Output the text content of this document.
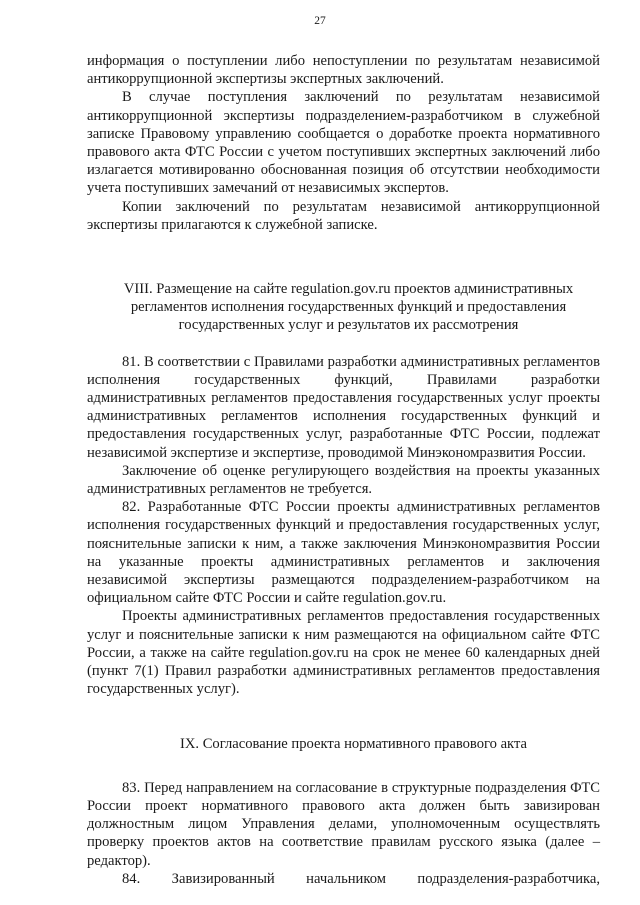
27

информация о поступлении либо непоступлении по результатам независимой антикоррупционной экспертизы экспертных заключений.

В случае поступления заключений по результатам независимой антикоррупционной экспертизы подразделением-разработчиком в служебной записке Правовому управлению сообщается о доработке проекта нормативного правового акта ФТС России с учетом поступивших экспертных заключений либо излагается мотивированно обоснованная позиция об отсутствии необходимости учета поступивших замечаний от независимых экспертов.

Копии заключений по результатам независимой антикоррупционной экспертизы прилагаются к служебной записке.

VIII. Размещение на сайте regulation.gov.ru проектов административных регламентов исполнения государственных функций и предоставления государственных услуг и результатов их рассмотрения

81. В соответствии с Правилами разработки административных регламентов исполнения государственных функций, Правилами разработки административных регламентов предоставления государственных услуг проекты административных регламентов исполнения государственных функций и предоставления государственных услуг, разработанные ФТС России, подлежат независимой экспертизе и экспертизе, проводимой Минэкономразвития России.

Заключение об оценке регулирующего воздействия на проекты указанных административных регламентов не требуется.

82. Разработанные ФТС России проекты административных регламентов исполнения государственных функций и предоставления государственных услуг, пояснительные записки к ним, а также заключения Минэкономразвития России на указанные проекты административных регламентов и заключения независимой экспертизы размещаются подразделением-разработчиком на официальном сайте ФТС России и сайте regulation.gov.ru.

Проекты административных регламентов предоставления государственных услуг и пояснительные записки к ним размещаются на официальном сайте ФТС России, а также на сайте regulation.gov.ru на срок не менее 60 календарных дней (пункт 7(1) Правил разработки административных регламентов предоставления государственных услуг).

IX. Согласование проекта нормативного правового акта

83. Перед направлением на согласование в структурные подразделения ФТС России проект нормативного правового акта должен быть завизирован должностным лицом Управления делами, уполномоченным осуществлять проверку проектов актов на соответствие правилам русского языка (далее – редактор).

84. Завизированный начальником подразделения-разработчика,
